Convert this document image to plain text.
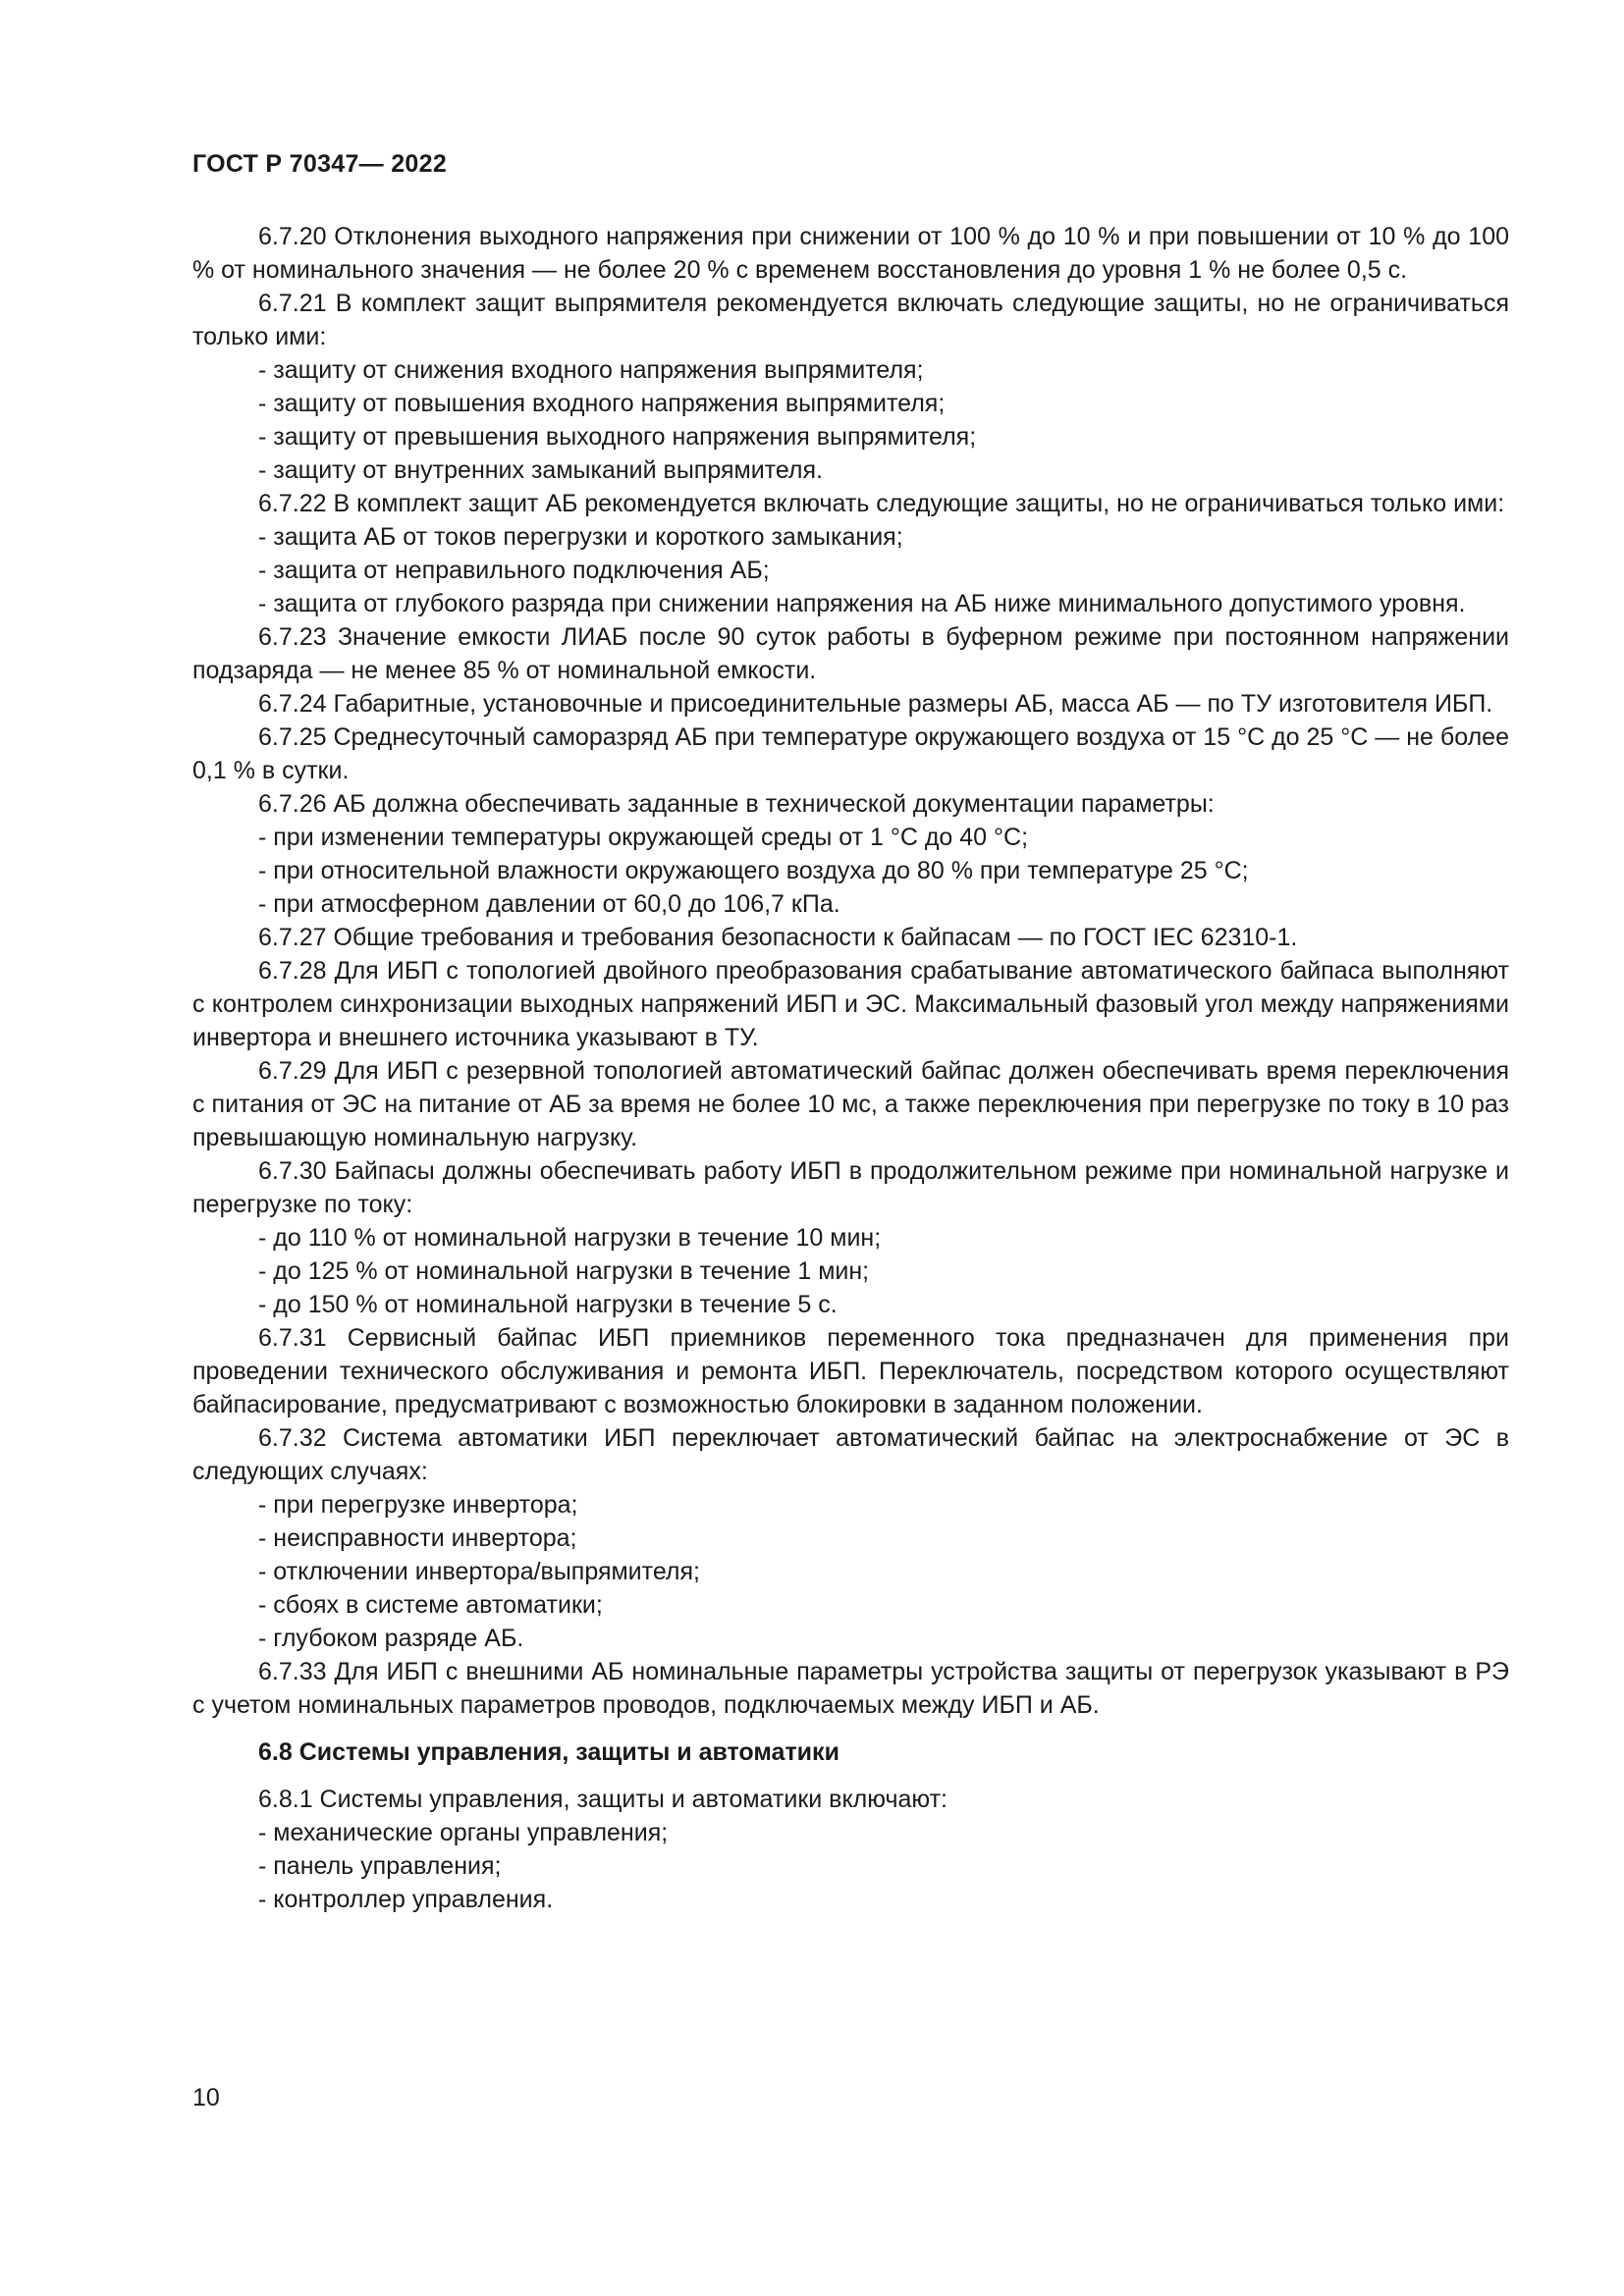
ГОСТ Р 70347— 2022

6.7.20 Отклонения выходного напряжения при снижении от 100 % до 10 % и при повышении от 10 % до 100 % от номинального значения — не более 20 % с временем восстановления до уровня 1 % не более 0,5 с.

6.7.21 В комплект защит выпрямителя рекомендуется включать следующие защиты, но не ограничиваться только ими:

- защиту от снижения входного напряжения выпрямителя;

- защиту от повышения входного напряжения выпрямителя;

- защиту от превышения выходного напряжения выпрямителя;

- защиту от внутренних замыканий выпрямителя.

6.7.22 В комплект защит АБ рекомендуется включать следующие защиты, но не ограничиваться только ими:

- защита АБ от токов перегрузки и короткого замыкания;

- защита от неправильного подключения АБ;

- защита от глубокого разряда при снижении напряжения на АБ ниже минимального допустимого уровня.

6.7.23 Значение емкости ЛИАБ после 90 суток работы в буферном режиме при постоянном напряжении подзаряда — не менее 85 % от номинальной емкости.

6.7.24 Габаритные, установочные и присоединительные размеры АБ, масса АБ — по ТУ изготовителя ИБП.

6.7.25 Среднесуточный саморазряд АБ при температуре окружающего воздуха от 15 °С до 25 °С — не более 0,1 % в сутки.

6.7.26 АБ должна обеспечивать заданные в технической документации параметры:

- при изменении температуры окружающей среды от 1 °С до 40 °С;

- при относительной влажности окружающего воздуха до 80 % при температуре 25 °С;

- при атмосферном давлении от 60,0 до 106,7 кПа.

6.7.27 Общие требования и требования безопасности к байпасам — по ГОСТ IEC 62310-1.

6.7.28 Для ИБП с топологией двойного преобразования срабатывание автоматического байпаса выполняют с контролем синхронизации выходных напряжений ИБП и ЭС. Максимальный фазовый угол между напряжениями инвертора и внешнего источника указывают в ТУ.

6.7.29 Для ИБП с резервной топологией автоматический байпас должен обеспечивать время переключения с питания от ЭС на питание от АБ за время не более 10 мс, а также переключения при перегрузке по току в 10 раз превышающую номинальную нагрузку.

6.7.30 Байпасы должны обеспечивать работу ИБП в продолжительном режиме при номинальной нагрузке и перегрузке по току:

- до 110 % от номинальной нагрузки в течение 10 мин;

- до 125 % от номинальной нагрузки в течение 1 мин;

- до 150 % от номинальной нагрузки в течение 5 с.

6.7.31 Сервисный байпас ИБП приемников переменного тока предназначен для применения при проведении технического обслуживания и ремонта ИБП. Переключатель, посредством которого осуществляют байпасирование, предусматривают с возможностью блокировки в заданном положении.

6.7.32 Система автоматики ИБП переключает автоматический байпас на электроснабжение от ЭС в следующих случаях:

- при перегрузке инвертора;

- неисправности инвертора;

- отключении инвертора/выпрямителя;

- сбоях в системе автоматики;

- глубоком разряде АБ.

6.7.33 Для ИБП с внешними АБ номинальные параметры устройства защиты от перегрузок указывают в РЭ с учетом номинальных параметров проводов, подключаемых между ИБП и АБ.

6.8 Системы управления, защиты и автоматики

6.8.1 Системы управления, защиты и автоматики включают:

- механические органы управления;

- панель управления;

- контроллер управления.

10
